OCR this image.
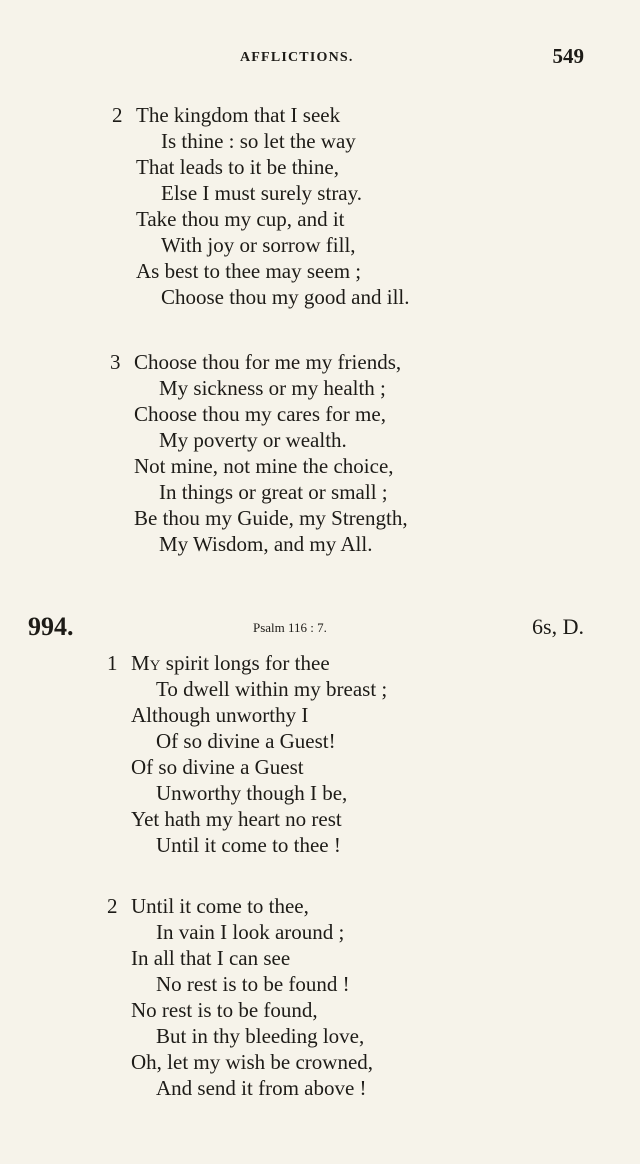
AFFLICTIONS.	549
2 The kingdom that I seek
Is thine : so let the way
That leads to it be thine,
Else I must surely stray.
Take thou my cup, and it
With joy or sorrow fill,
As best to thee may seem ;
Choose thou my good and ill.
3 Choose thou for me my friends,
My sickness or my health ;
Choose thou my cares for me,
My poverty or wealth.
Not mine, not mine the choice,
In things or great or small ;
Be thou my Guide, my Strength,
My Wisdom, and my All.
994.	Psalm 116 : 7.	6s, D.
1 My spirit longs for thee
To dwell within my breast ;
Although unworthy I
Of so divine a Guest!
Of so divine a Guest
Unworthy though I be,
Yet hath my heart no rest
Until it come to thee !
2 Until it come to thee,
In vain I look around ;
In all that I can see
No rest is to be found !
No rest is to be found,
But in thy bleeding love,
Oh, let my wish be crowned,
And send it from above !
